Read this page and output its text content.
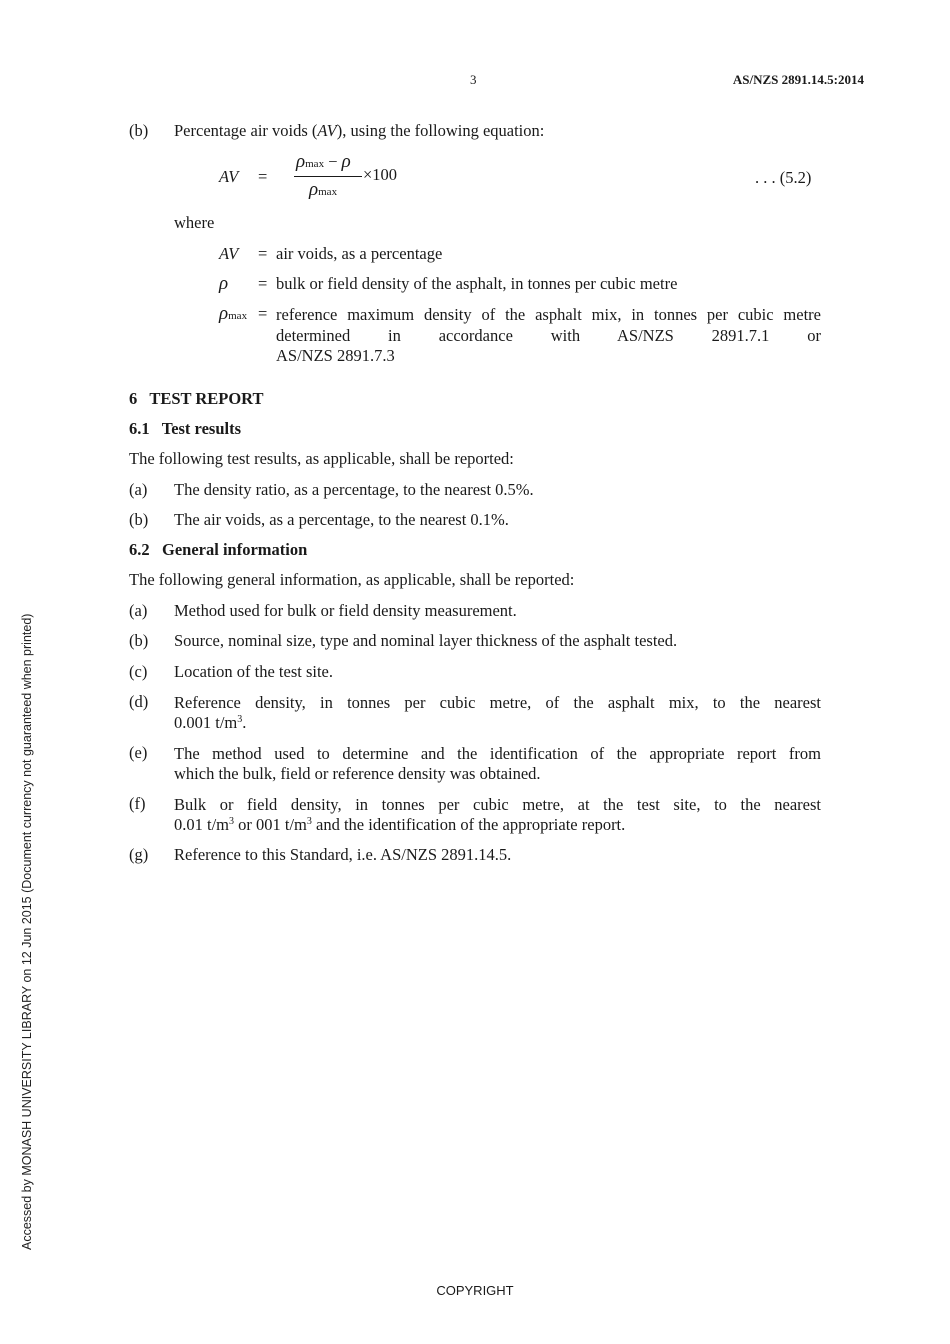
3	AS/NZS 2891.14.5:2014
(b) Percentage air voids (AV), using the following equation:
AV =
ρmax − ρ
×100
ρmax
. . . (5.2)
where
AV = air voids, as a percentage
ρ = bulk or field density of the asphalt, in tonnes per cubic metre
ρmax = reference maximum density of the asphalt mix, in tonnes per cubic metre determined in accordance with AS/NZS 2891.7.1 or
AS/NZS 2891.7.3
6   TEST REPORT
6.1   Test results
The following test results, as applicable, shall be reported:
(a) The density ratio, as a percentage, to the nearest 0.5%.
(b) The air voids, as a percentage, to the nearest 0.1%.
6.2   General information
The following general information, as applicable, shall be reported:
(a) Method used for bulk or field density measurement.
(b) Source, nominal size, type and nominal layer thickness of the asphalt tested.
(c) Location of the test site.
(d) Reference density, in tonnes per cubic metre, of the asphalt mix, to the nearest
0.001 $t/m^3$.
(e) The method used to determine and the identification of the appropriate report from
which the bulk, field or reference density was obtained.
(f) Bulk or field density, in tonnes per cubic metre, at the test site, to the nearest
0.01 $t/m^3$ or 001 $t/m^3$ and the identification of the appropriate report.
(g) Reference to this Standard, i.e. AS/NZS 2891.14.5.
Accessed by MONASH UNIVERSITY LIBRARY on 12 Jun 2015 (Document currency not guaranteed when printed)
COPYRIGHT
